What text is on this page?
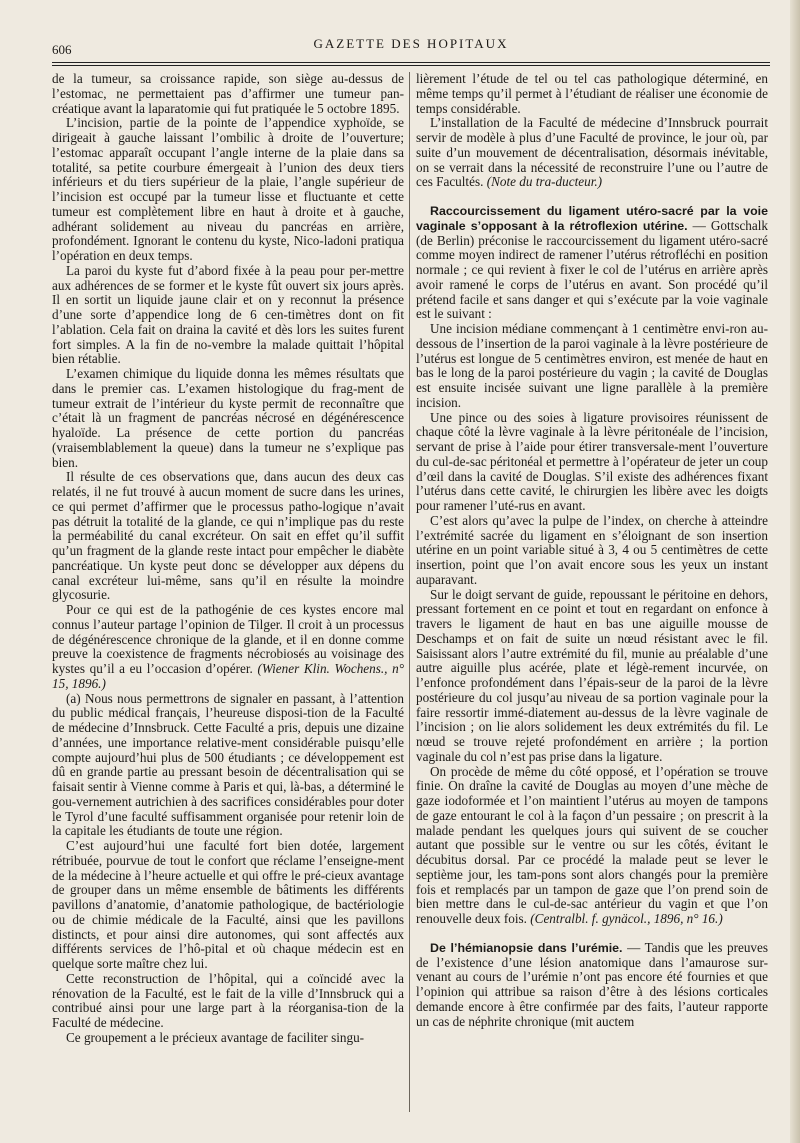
606	GAZETTE DES HOPITAUX

de la tumeur, sa croissance rapide, son siège au-dessus de l’estomac, ne permettaient pas d’affirmer une tumeur pan-créatique avant la laparatomie qui fut pratiquée le 5 octobre 1895.

L’incision, partie de la pointe de l’appendice xyphoïde, se dirigeait à gauche laissant l’ombilic à droite de l’ouverture; l’estomac apparaît occupant l’angle interne de la plaie dans sa totalité, sa petite courbure émergeait à l’union des deux tiers inférieurs et du tiers supérieur de la plaie, l’angle supérieur de l’incision est occupé par la tumeur lisse et fluctuante et cette tumeur est complètement libre en haut à droite et à gauche, adhérant solidement au niveau du pancréas en arrière, profondément. Ignorant le contenu du kyste, Nico-ladoni pratiqua l’opération en deux temps.

La paroi du kyste fut d’abord fixée à la peau pour per-mettre aux adhérences de se former et le kyste fût ouvert six jours après. Il en sortit un liquide jaune clair et on y reconnut la présence d’une sorte d’appendice long de 6 cen-timètres dont on fit l’ablation. Cela fait on draina la cavité et dès lors les suites furent fort simples. A la fin de no-vembre la malade quittait l’hôpital bien rétablie.

L’examen chimique du liquide donna les mêmes résultats que dans le premier cas. L’examen histologique du frag-ment de tumeur extrait de l’intérieur du kyste permit de reconnaître que c’était là un fragment de pancréas nécrosé en dégénérescence hyaloïde. La présence de cette portion du pancréas (vraisemblablement la queue) dans la tumeur ne s’explique pas bien.

Il résulte de ces observations que, dans aucun des deux cas relatés, il ne fut trouvé à aucun moment de sucre dans les urines, ce qui permet d’affirmer que le processus patho-logique n’avait pas détruit la totalité de la glande, ce qui n’implique pas du reste la perméabilité du canal excréteur. On sait en effet qu’il suffit qu’un fragment de la glande reste intact pour empêcher le diabète pancréatique. Un kyste peut donc se développer aux dépens du canal excréteur lui-même, sans qu’il en résulte la moindre glycosurie.

Pour ce qui est de la pathogénie de ces kystes encore mal connus l’auteur partage l’opinion de Tilger. Il croit à un processus de dégénérescence chronique de la glande, et il en donne comme preuve la coexistence de fragments nécrobiosés au voisinage des kystes qu’il a eu l’occasion d’opérer. (Wiener Klin. Wochens., n° 15, 1896.)

(a) Nous nous permettrons de signaler en passant, à l’attention du public médical français, l’heureuse disposi-tion de la Faculté de médecine d’Innsbruck. Cette Faculté a pris, depuis une dizaine d’années, une importance relative-ment considérable puisqu’elle compte aujourd’hui plus de 500 étudiants ; ce développement est dû en grande partie au pressant besoin de décentralisation qui se faisait sentir à Vienne comme à Paris et qui, là-bas, a déterminé le gou-vernement autrichien à des sacrifices considérables pour doter le Tyrol d’une faculté suffisamment organisée pour retenir loin de la capitale les étudiants de toute une région.

C’est aujourd’hui une faculté fort bien dotée, largement rétribuée, pourvue de tout le confort que réclame l’enseigne-ment de la médecine à l’heure actuelle et qui offre le pré-cieux avantage de grouper dans un même ensemble de bâtiments les différents pavillons d’anatomie, d’anatomie pathologique, de bactériologie ou de chimie médicale de la Faculté, ainsi que les pavillons distincts, et pour ainsi dire autonomes, qui sont affectés aux différents services de l’hô-pital et où chaque médecin est en quelque sorte maître chez lui.

Cette reconstruction de l’hôpital, qui a coïncidé avec la rénovation de la Faculté, est le fait de la ville d’Innsbruck qui a contribué ainsi pour une large part à la réorganisa-tion de la Faculté de médecine.

Ce groupement a le précieux avantage de faciliter singu-

lièrement l’étude de tel ou tel cas pathologique déterminé, en même temps qu’il permet à l’étudiant de réaliser une économie de temps considérable.

L’installation de la Faculté de médecine d’Innsbruck pourrait servir de modèle à plus d’une Faculté de province, le jour où, par suite d’un mouvement de décentralisation, désormais inévitable, on se verrait dans la nécessité de reconstruire l’une ou l’autre de ces Facultés. (Note du tra-ducteur.)

Raccourcissement du ligament utéro-sacré par la voie vaginale s’opposant à la rétroflexion utérine. — Gottschalk (de Berlin) préconise le raccourcissement du ligament utéro-sacré comme moyen indirect de ramener l’utérus rétrofléchi en position normale ; ce qui revient à fixer le col de l’utérus en arrière après avoir ramené le corps de l’utérus en avant. Son procédé qu’il prétend facile et sans danger et qui s’exécute par la voie vaginale est le suivant :

Une incision médiane commençant à 1 centimètre envi-ron au-dessous de l’insertion de la paroi vaginale à la lèvre postérieure de l’utérus est longue de 5 centimètres environ, est menée de haut en bas le long de la paroi postérieure du vagin ; la cavité de Douglas est ensuite incisée suivant une ligne parallèle à la première incision.

Une pince ou des soies à ligature provisoires réunissent de chaque côté la lèvre vaginale à la lèvre péritonéale de l’incision, servant de prise à l’aide pour étirer transversale-ment l’ouverture du cul-de-sac péritonéal et permettre à l’opérateur de jeter un coup d’œil dans la cavité de Douglas. S’il existe des adhérences fixant l’utérus dans cette cavité, le chirurgien les libère avec les doigts pour ramener l’uté-rus en avant.

C’est alors qu’avec la pulpe de l’index, on cherche à atteindre l’extrémité sacrée du ligament en s’éloignant de son insertion utérine en un point variable situé à 3, 4 ou 5 centimètres de cette insertion, point que l’on avait encore sous les yeux un instant auparavant.

Sur le doigt servant de guide, repoussant le péritoine en dehors, pressant fortement en ce point et tout en regardant on enfonce à travers le ligament de haut en bas une aiguille mousse de Deschamps et on fait de suite un nœud résistant avec le fil. Saisissant alors l’autre extrémité du fil, munie au préalable d’une autre aiguille plus acérée, plate et légè-rement incurvée, on l’enfonce profondément dans l’épais-seur de la paroi de la lèvre postérieure du col jusqu’au niveau de sa portion vaginale pour la faire ressortir immé-diatement au-dessus de la lèvre vaginale de l’incision ; on lie alors solidement les deux extrémités du fil. Le nœud se trouve rejeté profondément en arrière ; la portion vaginale du col n’est pas prise dans la ligature.

On procède de même du côté opposé, et l’opération se trouve finie. On draîne la cavité de Douglas au moyen d’une mèche de gaze iodoformée et l’on maintient l’utérus au moyen de tampons de gaze entourant le col à la façon d’un pessaire ; on prescrit à la malade pendant les quelques jours qui suivent de se coucher autant que possible sur le ventre ou sur les côtés, évitant le décubitus dorsal. Par ce procédé la malade peut se lever le septième jour, les tam-pons sont alors changés pour la première fois et remplacés par un tampon de gaze que l’on prend soin de bien mettre dans le cul-de-sac antérieur du vagin et que l’on renouvelle deux fois. (Centralbl. f. gynäcol., 1896, n° 16.)

De l’hémianopsie dans l’urémie. — Tandis que les preuves de l’existence d’une lésion anatomique dans l’amaurose sur-venant au cours de l’urémie n’ont pas encore été fournies et que l’opinion qui attribue sa raison d’être à des lésions corticales demande encore à être confirmée par des faits, l’auteur rapporte un cas de néphrite chronique (mit auctem
